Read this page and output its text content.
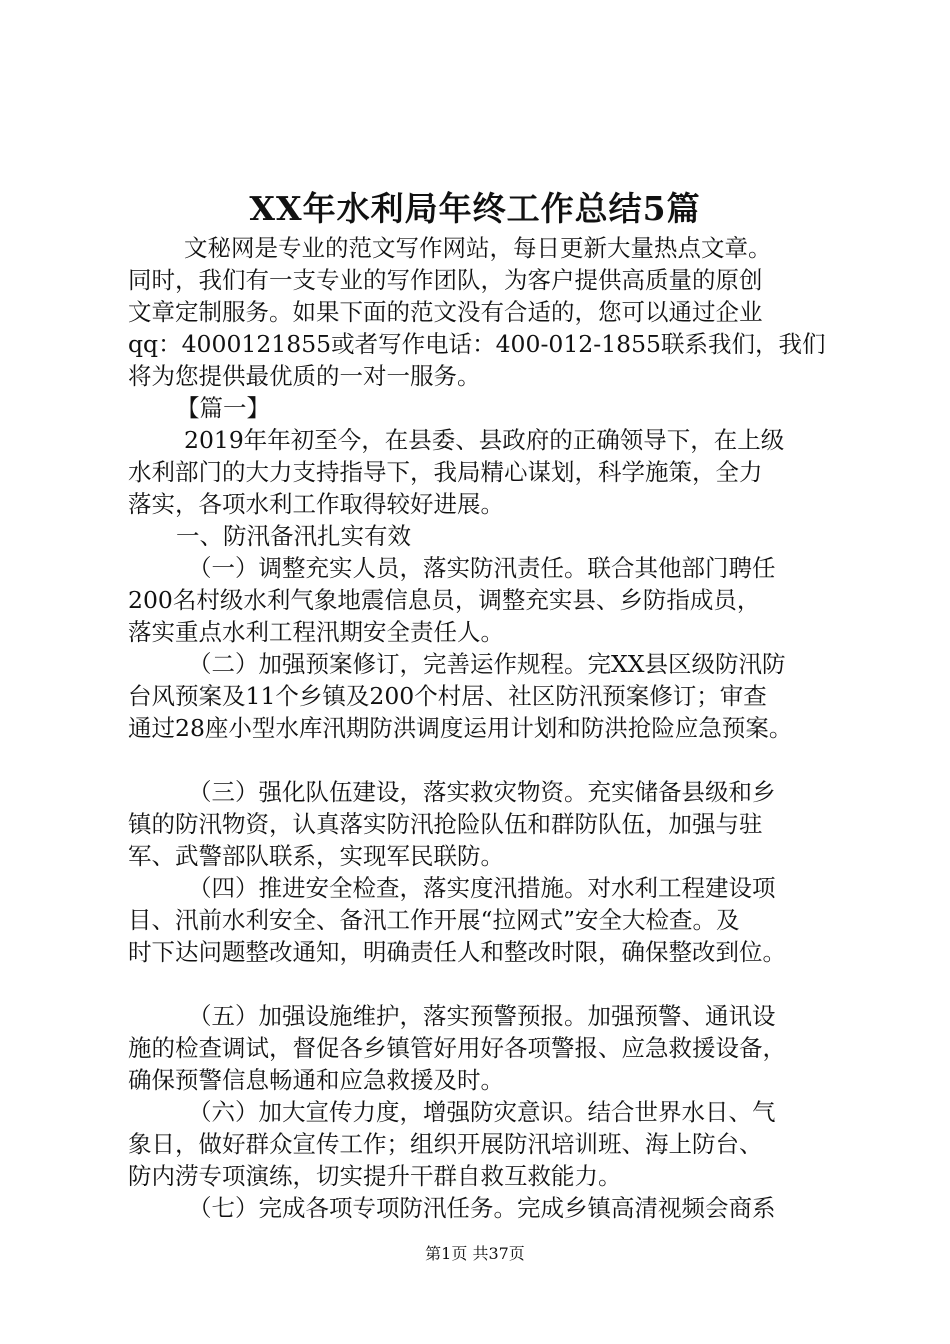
XX年水利局年终工作总结5篇
文秘网是专业的范文写作网站，每日更新大量热点文章。
同时，我们有一支专业的写作团队，为客户提供高质量的原创
文章定制服务。如果下面的范文没有合适的，您可以通过企业
qq：4000121855或者写作电话：400-012-1855联系我们，我们
将为您提供最优质的一对一服务。
【篇一】
2019年年初至今，在县委、县政府的正确领导下，在上级
水利部门的大力支持指导下，我局精心谋划，科学施策，全力
落实，各项水利工作取得较好进展。
一、防汛备汛扎实有效
（一）调整充实人员，落实防汛责任。联合其他部门聘任
200名村级水利气象地震信息员，调整充实县、乡防指成员，
落实重点水利工程汛期安全责任人。
（二）加强预案修订，完善运作规程。完XX县区级防汛防
台风预案及11个乡镇及200个村居、社区防汛预案修订；审查
通过28座小型水库汛期防洪调度运用计划和防洪抢险应急预案。
（三）强化队伍建设，落实救灾物资。充实储备县级和乡
镇的防汛物资，认真落实防汛抢险队伍和群防队伍，加强与驻
军、武警部队联系，实现军民联防。
（四）推进安全检查，落实度汛措施。对水利工程建设项
目、汛前水利安全、备汛工作开展“拉网式”安全大检查。及
时下达问题整改通知，明确责任人和整改时限，确保整改到位。
（五）加强设施维护，落实预警预报。加强预警、通讯设
施的检查调试，督促各乡镇管好用好各项警报、应急救援设备，
确保预警信息畅通和应急救援及时。
（六）加大宣传力度，增强防灾意识。结合世界水日、气
象日，做好群众宣传工作；组织开展防汛培训班、海上防台、
防内涝专项演练，切实提升干群自救互救能力。
（七）完成各项专项防汛任务。完成乡镇高清视频会商系
第1页 共37页
